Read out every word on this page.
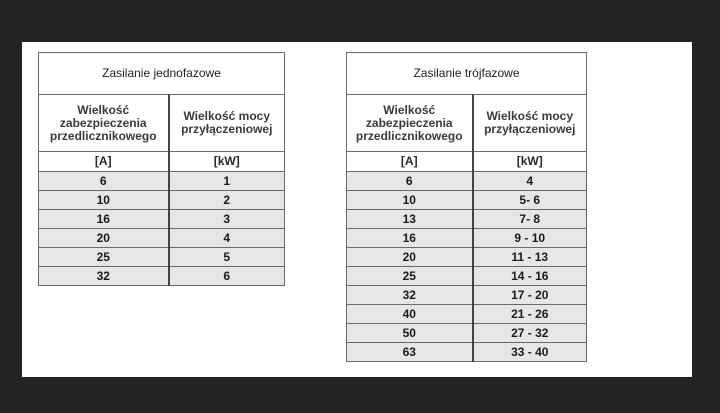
Zasilanie jednofazowe	

Wielkość
zabezpieczenia
przedlicznikowego

Wielkość mocy
przyłączeniowej

[A]	[kW]
6	1
10	2
16	3
20	4
25	5
32	6
Zasilanie trójfazowe	

Wielkość
zabezpieczenia
przedlicznikowego

Wielkość mocy
przyłączeniowej

[A]	[kW]
6	4
10	5- 6
13	7- 8
16	9 - 10
20	11 - 13
25	14 - 16
32	17 - 20
40	21 - 26
50	27 - 32
63	33 - 40
